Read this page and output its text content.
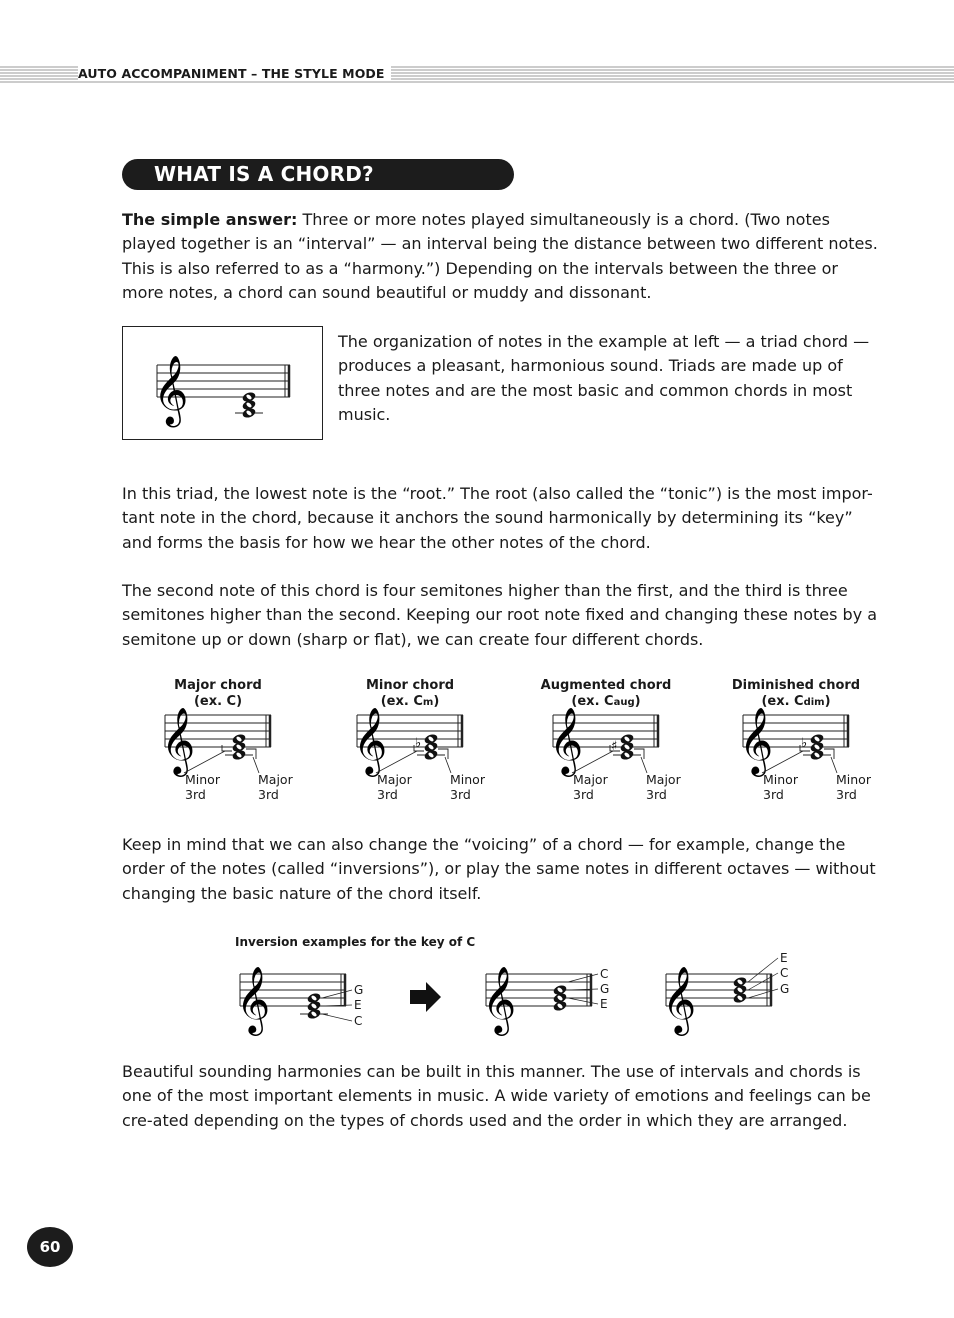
AUTO ACCOMPANIMENT – THE STYLE MODE
WHAT IS A CHORD?

The simple answer: Three or more notes played simultaneously is a chord. (Two notes played together is an “interval” — an interval being the distance between two different notes. This is also referred to as a “harmony.”) Depending on the intervals between the three or more notes, a chord can sound beautiful or muddy and dissonant.

𝄞

The organization of notes in the example at left — a triad chord — produces a pleasant, harmonious sound. Triads are made up of three notes and are the most basic and common chords in most music.

In this triad, the lowest note is the “root.” The root (also called the “tonic”) is the most impor-tant note in the chord, because it anchors the sound harmonically by determining its “key” and forms the basis for how we hear the other notes of the chord.

The second note of this chord is four semitones higher than the first, and the third is three semitones higher than the second. Keeping our root note fixed and changing these notes by a semitone up or down (sharp or flat), we can create four different chords.

Major chord
(ex. C)
𝄞
Minor 3rd
Major 3rd
Minor chord
(ex. Cm)
𝄞 ♭
Major 3rd
Minor 3rd
Augmented chord
(ex. Caug)
𝄞 ♯
Major 3rd
Major 3rd
Diminished chord
(ex. Cdim)
𝄞 ♭
Minor 3rd
Minor 3rd

Keep in mind that we can also change the “voicing” of a chord — for example, change the order of the notes (called “inversions”), or play the same notes in different octaves — without changing the basic nature of the chord itself.

Inversion examples for the key of C
𝄞	G
E
C 𝄞	C
G
E 𝄞
E
C
G

Beautiful sounding harmonies can be built in this manner. The use of intervals and chords is one of the most important elements in music. A wide variety of emotions and feelings can be cre-ated depending on the types of chords used and the order in which they are arranged.

60
